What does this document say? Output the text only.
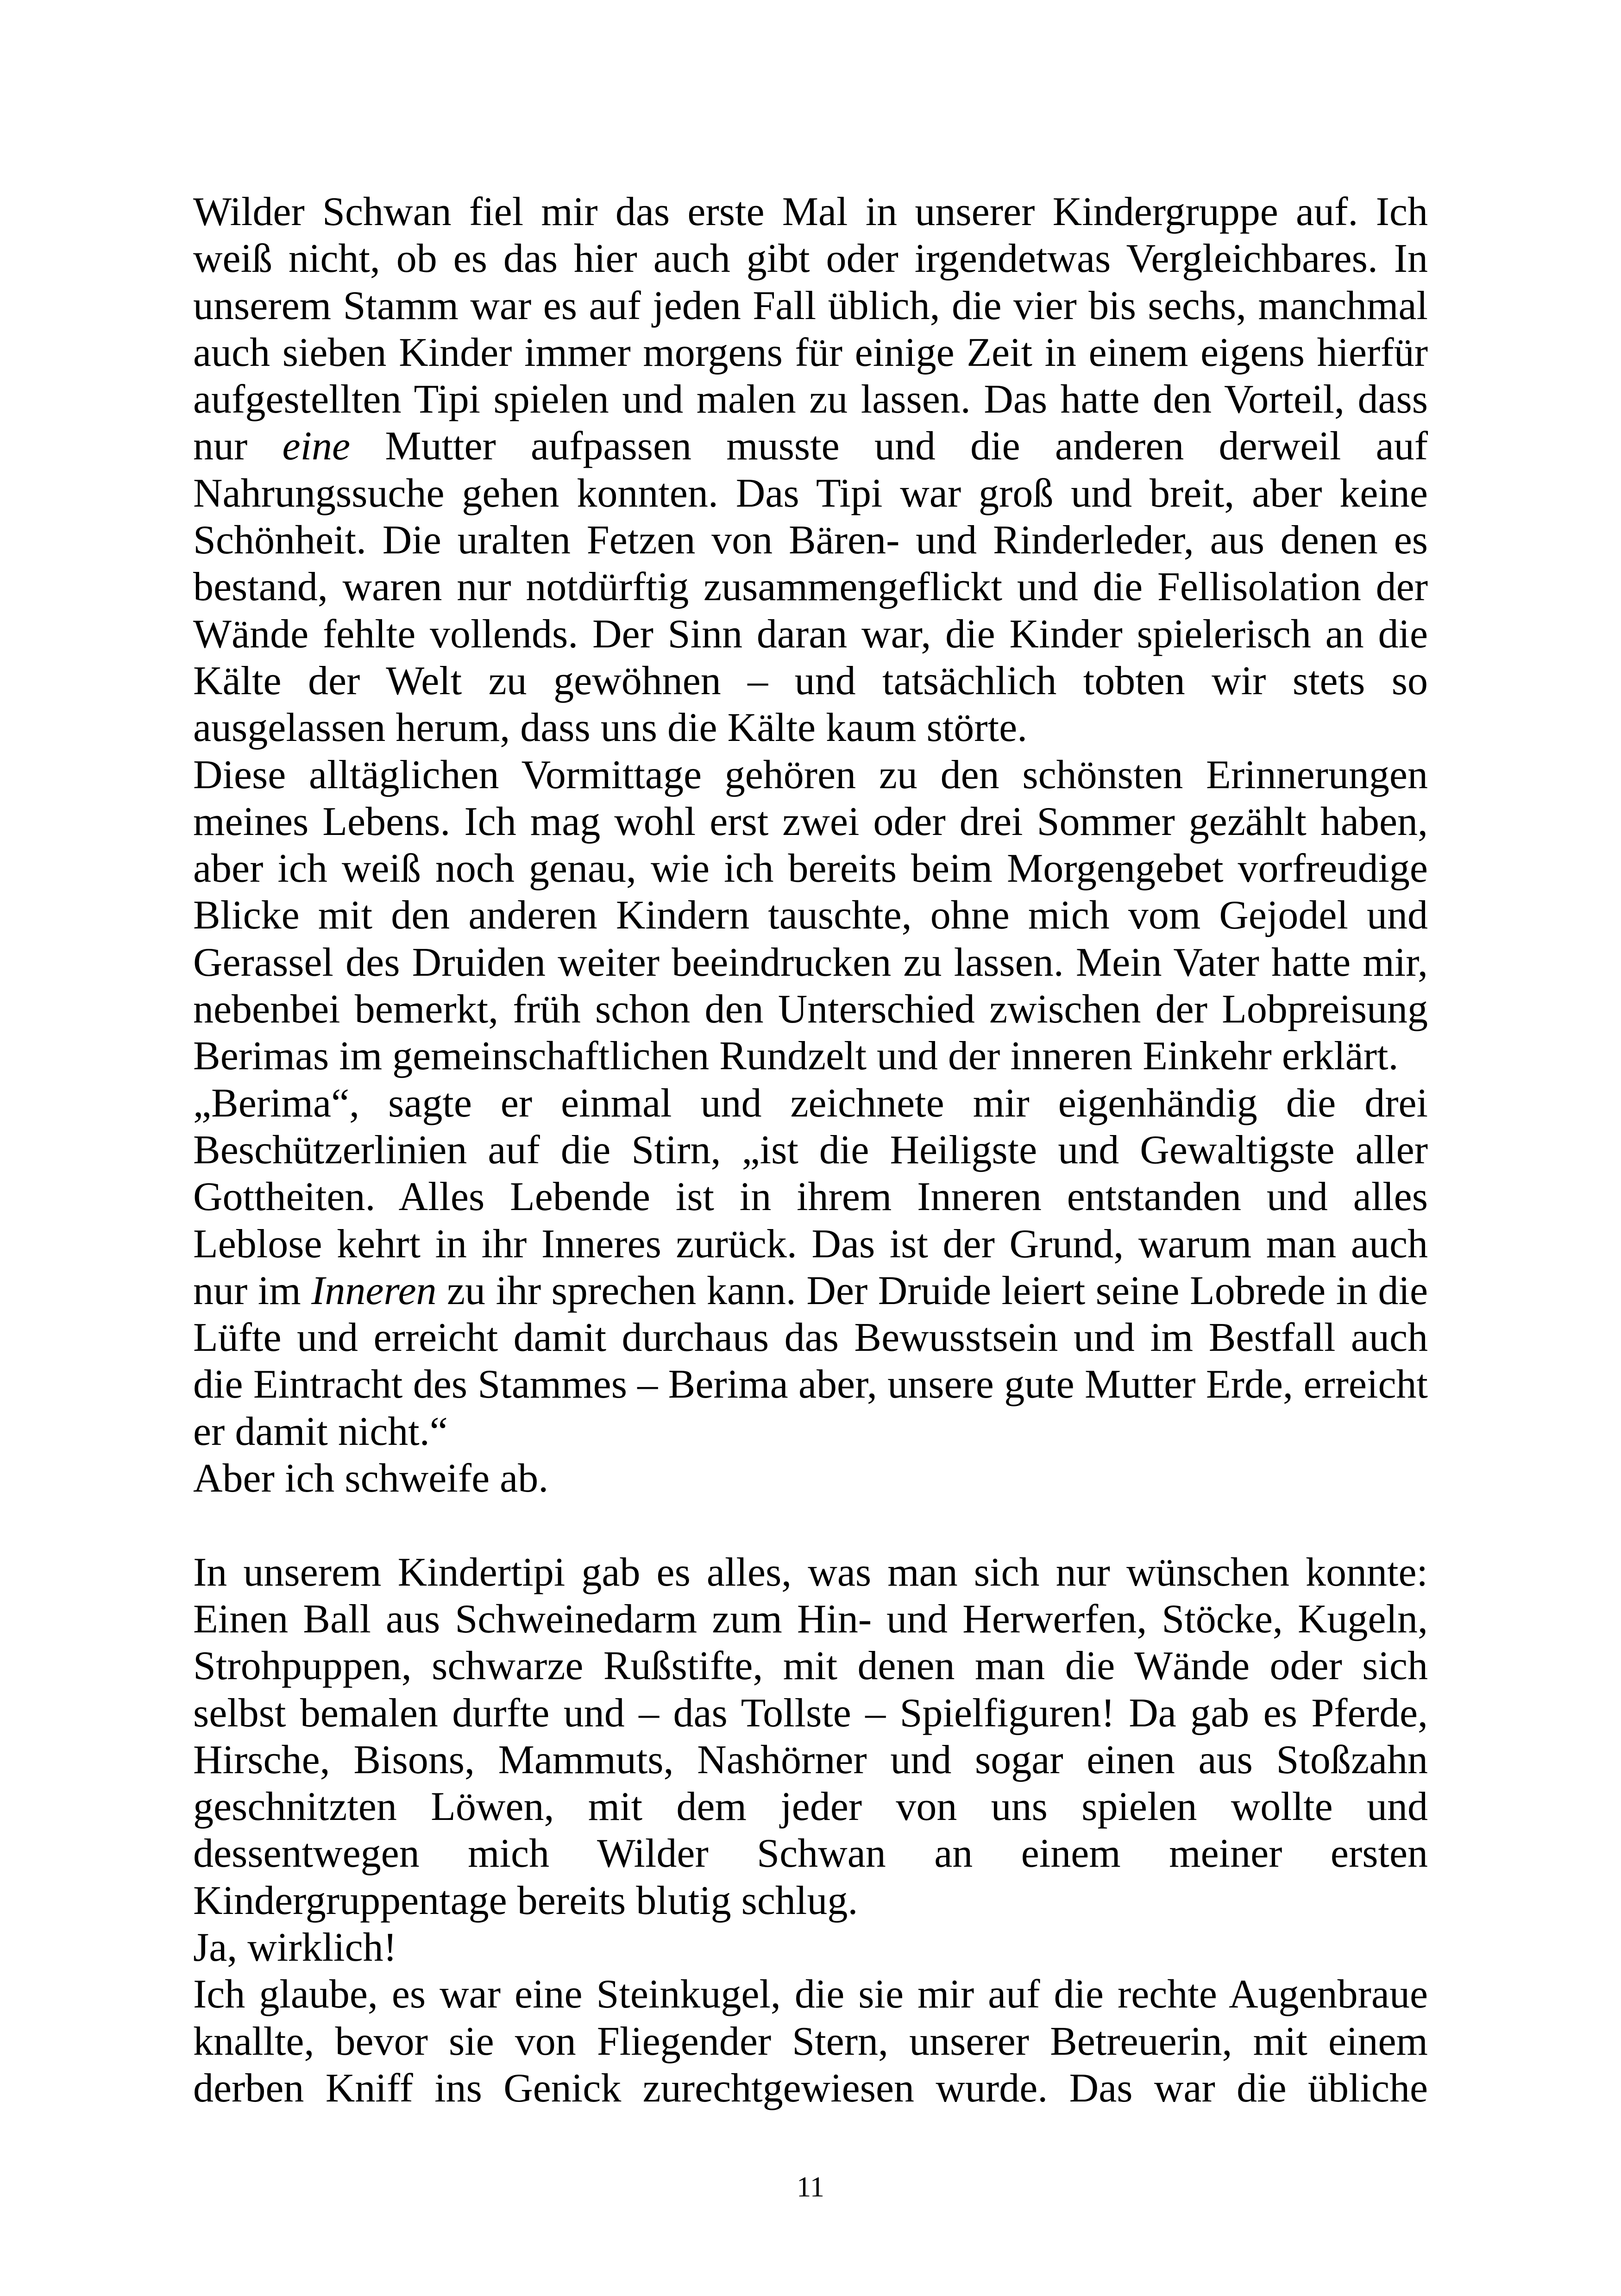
Wilder Schwan fiel mir das erste Mal in unserer Kindergruppe auf. Ich weiß nicht, ob es das hier auch gibt oder irgendetwas Vergleichbares. In unserem Stamm war es auf jeden Fall üblich, die vier bis sechs, manchmal auch sieben Kinder immer morgens für einige Zeit in einem eigens hierfür aufgestellten Tipi spielen und malen zu lassen. Das hatte den Vorteil, dass nur eine Mutter aufpassen musste und die anderen derweil auf Nahrungssuche gehen konnten. Das Tipi war groß und breit, aber keine Schönheit. Die uralten Fetzen von Bären- und Rinderleder, aus denen es bestand, waren nur notdürftig zusammengeflickt und die Fellisolation der Wände fehlte vollends. Der Sinn daran war, die Kinder spielerisch an die Kälte der Welt zu gewöhnen – und tatsächlich tobten wir stets so ausgelassen herum, dass uns die Kälte kaum störte.

Diese alltäglichen Vormittage gehören zu den schönsten Erinnerungen meines Lebens. Ich mag wohl erst zwei oder drei Sommer gezählt haben, aber ich weiß noch genau, wie ich bereits beim Morgengebet vorfreudige Blicke mit den anderen Kindern tauschte, ohne mich vom Gejodel und Gerassel des Druiden weiter beeindrucken zu lassen. Mein Vater hatte mir, nebenbei bemerkt, früh schon den Unterschied zwischen der Lobpreisung Berimas im gemeinschaftlichen Rundzelt und der inneren Einkehr erklärt.

„Berima“, sagte er einmal und zeichnete mir eigenhändig die drei Beschützerlinien auf die Stirn, „ist die Heiligste und Gewaltigste aller Gottheiten. Alles Lebende ist in ihrem Inneren entstanden und alles Leblose kehrt in ihr Inneres zurück. Das ist der Grund, warum man auch nur im Inneren zu ihr sprechen kann. Der Druide leiert seine Lobrede in die Lüfte und erreicht damit durchaus das Bewusstsein und im Bestfall auch die Eintracht des Stammes – Berima aber, unsere gute Mutter Erde, erreicht er damit nicht.“

Aber ich schweife ab.

In unserem Kindertipi gab es alles, was man sich nur wünschen konnte: Einen Ball aus Schweinedarm zum Hin- und Herwerfen, Stöcke, Kugeln, Strohpuppen, schwarze Rußstifte, mit denen man die Wände oder sich selbst bemalen durfte und – das Tollste – Spielfiguren! Da gab es Pferde, Hirsche, Bisons, Mammuts, Nashörner und sogar einen aus Stoßzahn geschnitzten Löwen, mit dem jeder von uns spielen wollte und dessentwegen mich Wilder Schwan an einem meiner ersten Kindergruppentage bereits blutig schlug.

Ja, wirklich!

Ich glaube, es war eine Steinkugel, die sie mir auf die rechte Augenbraue knallte, bevor sie von Fliegender Stern, unserer Betreuerin, mit einem derben Kniff ins Genick zurechtgewiesen wurde. Das war die übliche

11
